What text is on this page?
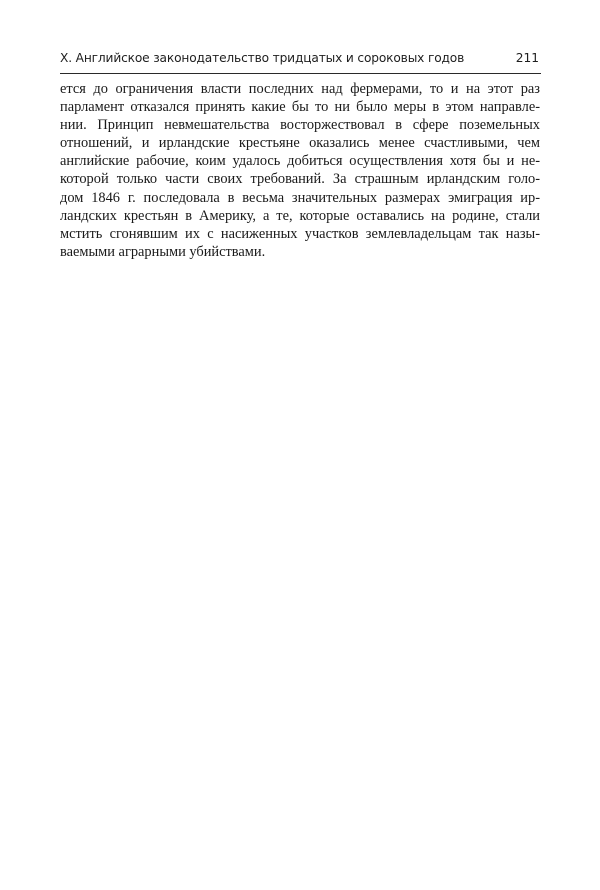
X. Английское законодательство тридцатых и сороковых годов	211
ется до ограничения власти последних над фермерами, то и на этот раз
парламент отказался принять какие бы то ни было меры в этом направле-
нии. Принцип невмешательства восторжествовал в сфере поземельных
отношений, и ирландские крестьяне оказались менее счастливыми, чем
английские рабочие, коим удалось добиться осуществления хотя бы и не-
которой только части своих требований. За страшным ирландским голо-
дом 1846 г. последовала в весьма значительных размерах эмиграция ир-
ландских крестьян в Америку, а те, которые оставались на родине, стали
мстить сгонявшим их с насиженных участков землевладельцам так назы-
ваемыми аграрными убийствами.
